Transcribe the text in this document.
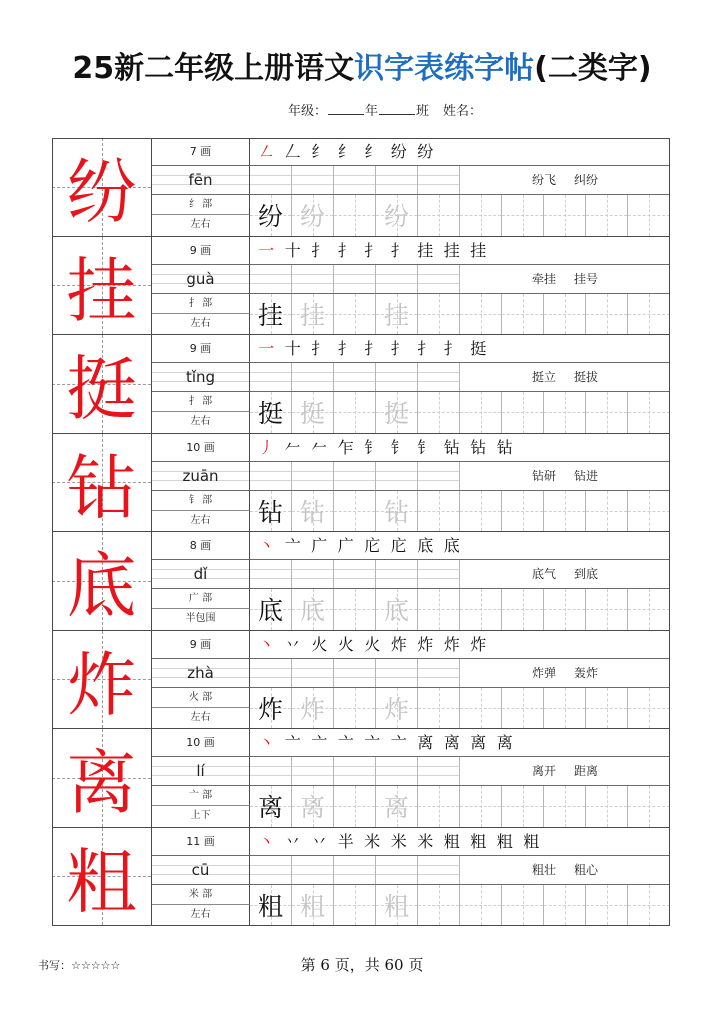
25新二年级上册语文识字表练字帖(二类字)
年级：	年	班 姓名：
纷	7 画
fēn
纟 部
左右
㇜ 𠃋 纟 纟 纟 纷 纷
纷飞 纠纷
纷 纷	纷
挂	9 画
guà
扌 部
左右
一 十 扌 扌 扌 扌 挂 挂 挂
牵挂 挂号
挂 挂	挂
挺	9 画
tǐng
扌 部
左右
一 十 扌 扌 扌 扌 扌 扌 挺
挺立 挺拔
挺 挺	挺
钻	10 画
zuān
钅 部
左右
丿 𠂉 𠂉 乍 钅 钅 钅 钻 钻 钻
钻研 钻进
钻 钻	钻
底	8 画
dǐ
广 部
半包围
丶 亠 广 广 庀 庀 底 底
底气 到底
底 底	底
炸	9 画
zhà
火 部
左右
丶 丷 火 火 火 炸 炸 炸 炸
炸弹 轰炸
炸 炸	炸
离	10 画
lí
亠 部
上下
丶 亠 亠 亠 亠 亠 离 离 离 离
离开 距离
离 离	离
粗	11 画
cū
米 部
左右
丶 丷 丷 半 米 米 米 粗 粗 粗 粗
粗壮 粗心
粗 粗	粗
书写：☆☆☆☆☆	第 6 页，共 60 页
